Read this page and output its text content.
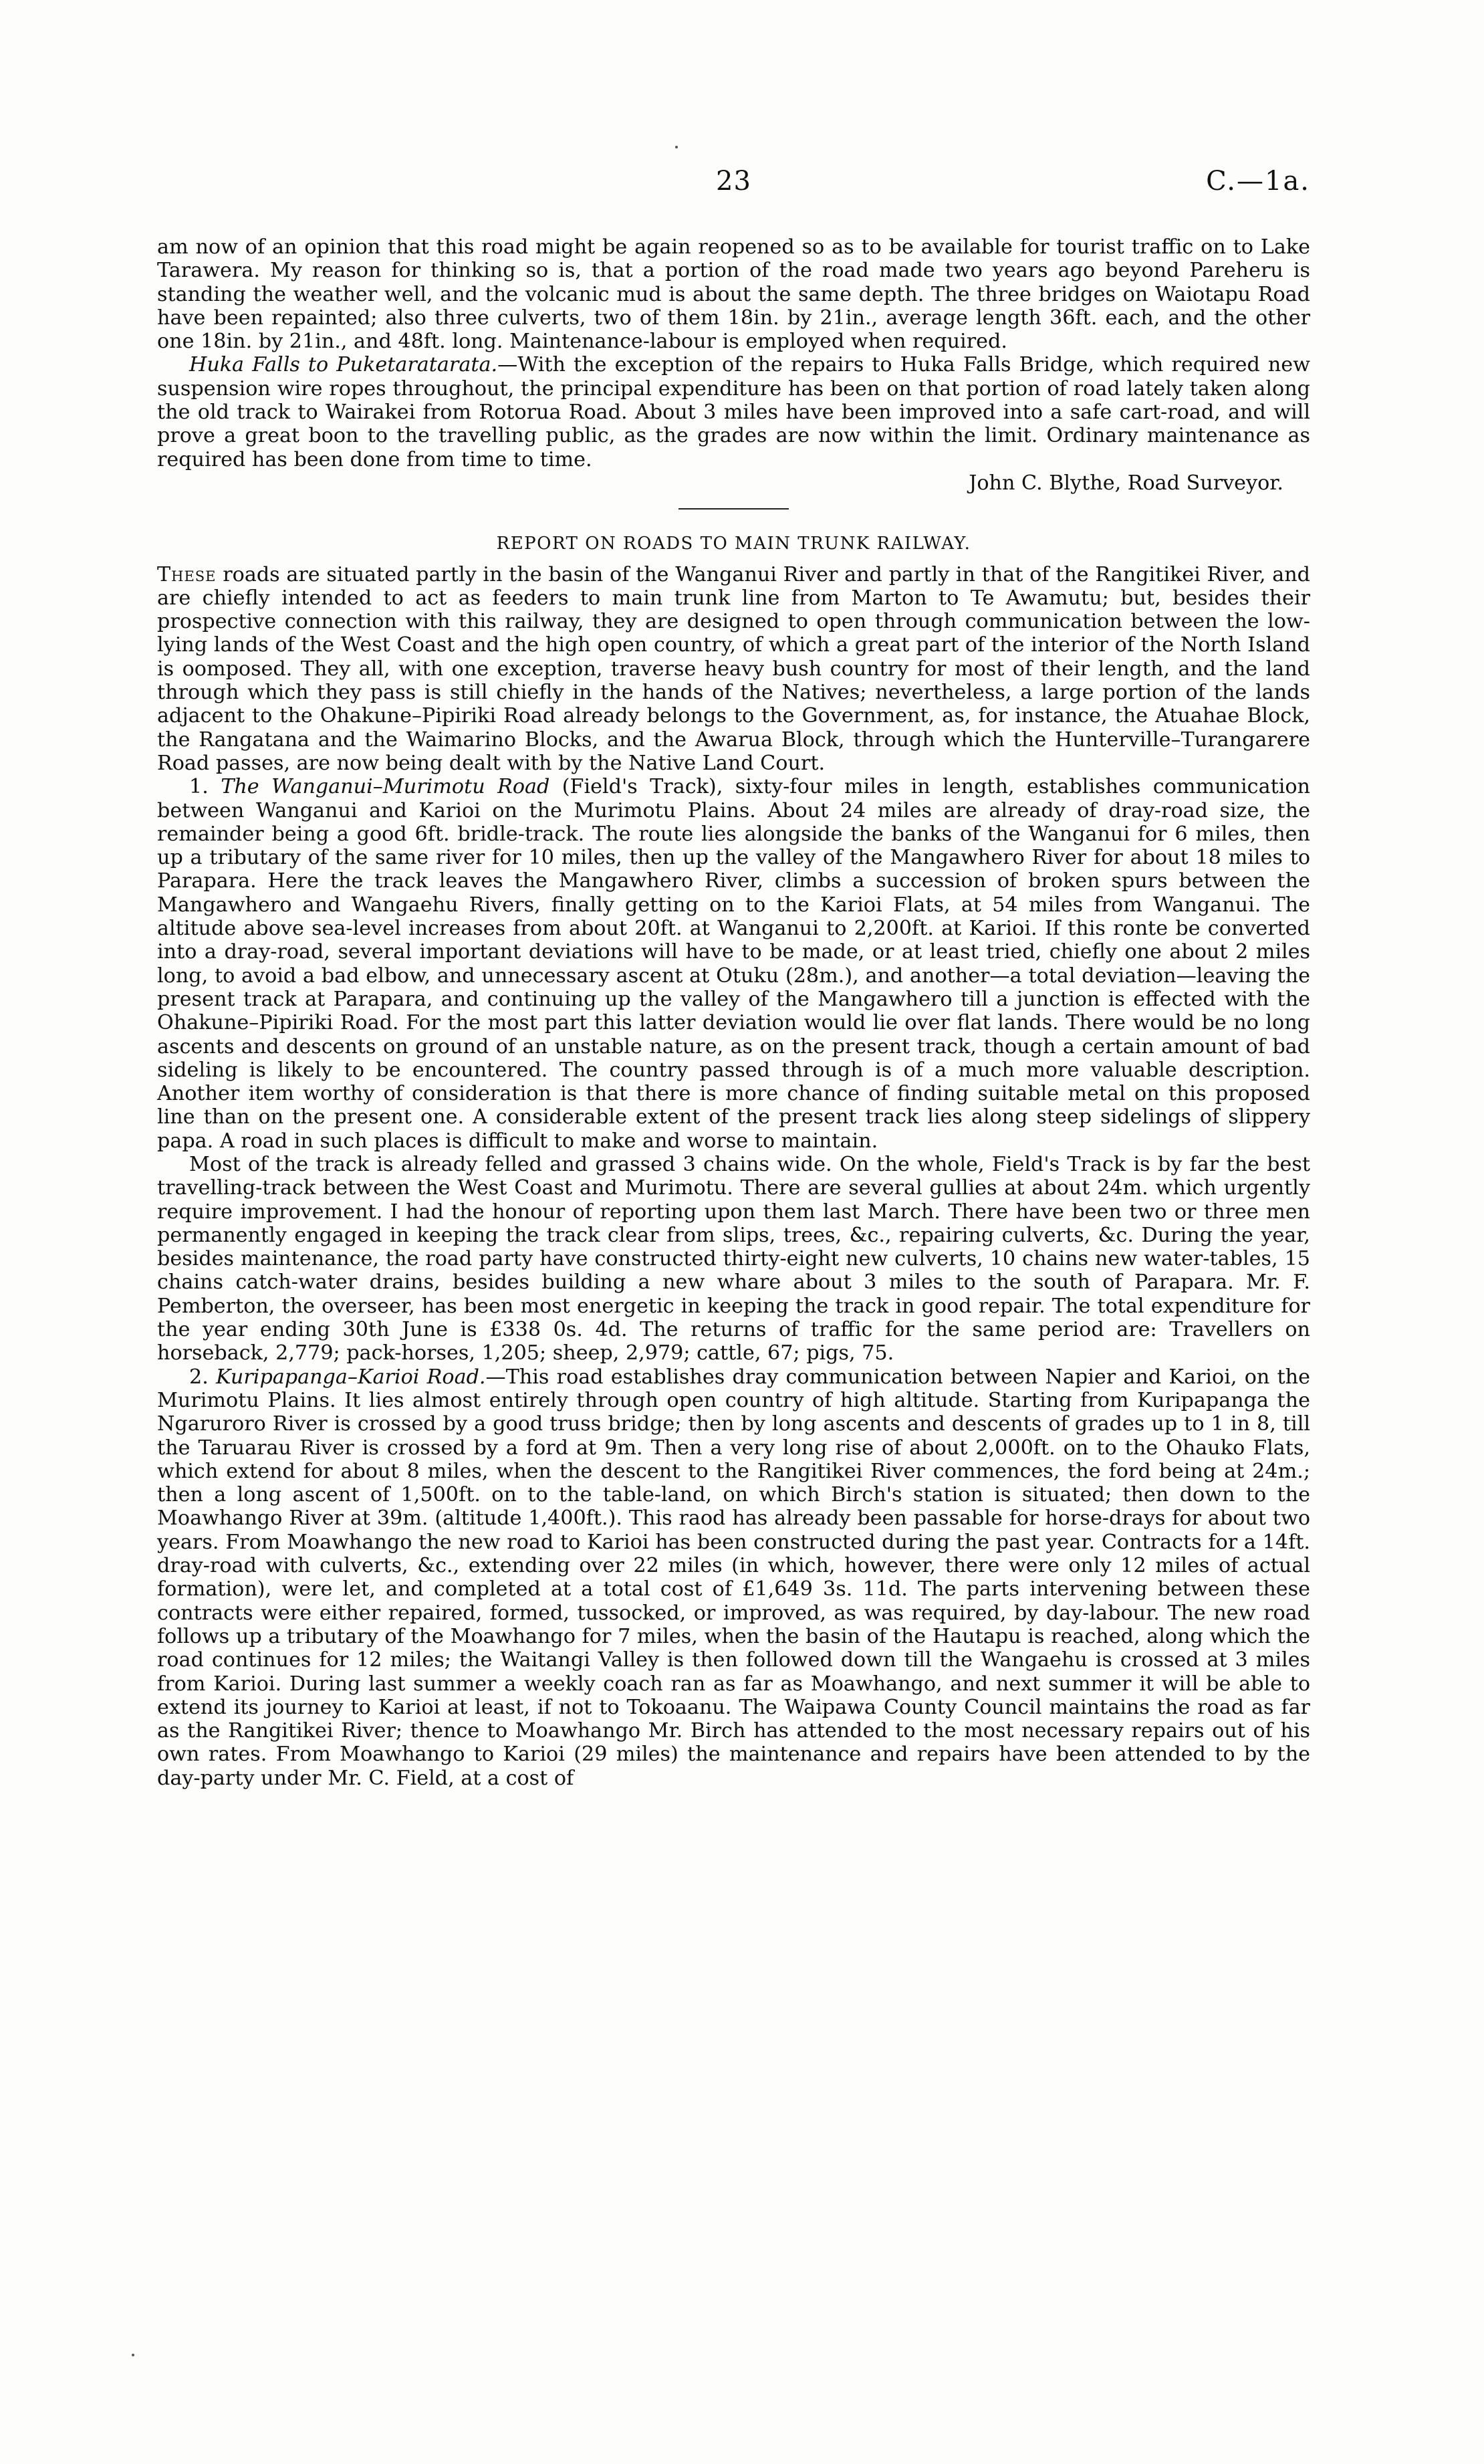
23	C.—1a.

am now of an opinion that this road might be again reopened so as to be available for tourist traffic on to Lake Tarawera. My reason for thinking so is, that a portion of the road made two years ago beyond Pareheru is standing the weather well, and the volcanic mud is about the same depth. The three bridges on Waiotapu Road have been repainted; also three culverts, two of them 18in. by 21in., average length 36ft. each, and the other one 18in. by 21in., and 48ft. long. Maintenance-labour is employed when required.

Huka Falls to Puketaratarata.—With the exception of the repairs to Huka Falls Bridge, which required new suspension wire ropes throughout, the principal expenditure has been on that portion of road lately taken along the old track to Wairakei from Rotorua Road. About 3 miles have been improved into a safe cart-road, and will prove a great boon to the travelling public, as the grades are now within the limit. Ordinary maintenance as required has been done from time to time.

John C. Blythe, Road Surveyor.

REPORT ON ROADS TO MAIN TRUNK RAILWAY.

These roads are situated partly in the basin of the Wanganui River and partly in that of the Rangitikei River, and are chiefly intended to act as feeders to main trunk line from Marton to Te Awamutu; but, besides their prospective connection with this railway, they are designed to open through communication between the low-lying lands of the West Coast and the high open country, of which a great part of the interior of the North Island is oomposed. They all, with one exception, traverse heavy bush country for most of their length, and the land through which they pass is still chiefly in the hands of the Natives; nevertheless, a large portion of the lands adjacent to the Ohakune–Pipiriki Road already belongs to the Government, as, for instance, the Atuahae Block, the Rangatana and the Waimarino Blocks, and the Awarua Block, through which the Hunterville–Turangarere Road passes, are now being dealt with by the Native Land Court.

1. The Wanganui–Murimotu Road (Field's Track), sixty-four miles in length, establishes communication between Wanganui and Karioi on the Murimotu Plains. About 24 miles are already of dray-road size, the remainder being a good 6ft. bridle-track. The route lies alongside the banks of the Wanganui for 6 miles, then up a tributary of the same river for 10 miles, then up the valley of the Mangawhero River for about 18 miles to Parapara. Here the track leaves the Mangawhero River, climbs a succession of broken spurs between the Mangawhero and Wangaehu Rivers, finally getting on to the Karioi Flats, at 54 miles from Wanganui. The altitude above sea-level increases from about 20ft. at Wanganui to 2,200ft. at Karioi. If this ronte be converted into a dray-road, several important deviations will have to be made, or at least tried, chiefly one about 2 miles long, to avoid a bad elbow, and unnecessary ascent at Otuku (28m.), and another—a total deviation—leaving the present track at Parapara, and continuing up the valley of the Mangawhero till a junction is effected with the Ohakune–Pipiriki Road. For the most part this latter deviation would lie over flat lands. There would be no long ascents and descents on ground of an unstable nature, as on the present track, though a certain amount of bad sideling is likely to be encountered. The country passed through is of a much more valuable description. Another item worthy of consideration is that there is more chance of finding suitable metal on this proposed line than on the present one. A considerable extent of the present track lies along steep sidelings of slippery papa. A road in such places is difficult to make and worse to maintain.

Most of the track is already felled and grassed 3 chains wide. On the whole, Field's Track is by far the best travelling-track between the West Coast and Murimotu. There are several gullies at about 24m. which urgently require improvement. I had the honour of reporting upon them last March. There have been two or three men permanently engaged in keeping the track clear from slips, trees, &c., repairing culverts, &c. During the year, besides maintenance, the road party have constructed thirty-eight new culverts, 10 chains new water-tables, 15 chains catch-water drains, besides building a new whare about 3 miles to the south of Parapara. Mr. F. Pemberton, the overseer, has been most energetic in keeping the track in good repair. The total expenditure for the year ending 30th June is £338 0s. 4d. The returns of traffic for the same period are: Travellers on horseback, 2,779; pack-horses, 1,205; sheep, 2,979; cattle, 67; pigs, 75.

2. Kuripapanga–Karioi Road.—This road establishes dray communication between Napier and Karioi, on the Murimotu Plains. It lies almost entirely through open country of high altitude. Starting from Kuripapanga the Ngaruroro River is crossed by a good truss bridge; then by long ascents and descents of grades up to 1 in 8, till the Taruarau River is crossed by a ford at 9m. Then a very long rise of about 2,000ft. on to the Ohauko Flats, which extend for about 8 miles, when the descent to the Rangitikei River commences, the ford being at 24m.; then a long ascent of 1,500ft. on to the table-land, on which Birch's station is situated; then down to the Moawhango River at 39m. (altitude 1,400ft.). This raod has already been passable for horse-drays for about two years. From Moawhango the new road to Karioi has been constructed during the past year. Contracts for a 14ft. dray-road with culverts, &c., extending over 22 miles (in which, however, there were only 12 miles of actual formation), were let, and completed at a total cost of £1,649 3s. 11d. The parts intervening between these contracts were either repaired, formed, tussocked, or improved, as was required, by day-labour. The new road follows up a tributary of the Moawhango for 7 miles, when the basin of the Hautapu is reached, along which the road continues for 12 miles; the Waitangi Valley is then followed down till the Wangaehu is crossed at 3 miles from Karioi. During last summer a weekly coach ran as far as Moawhango, and next summer it will be able to extend its journey to Karioi at least, if not to Tokoaanu. The Waipawa County Council maintains the road as far as the Rangitikei River; thence to Moawhango Mr. Birch has attended to the most necessary repairs out of his own rates. From Moawhango to Karioi (29 miles) the maintenance and repairs have been attended to by the day-party under Mr. C. Field, at a cost of
